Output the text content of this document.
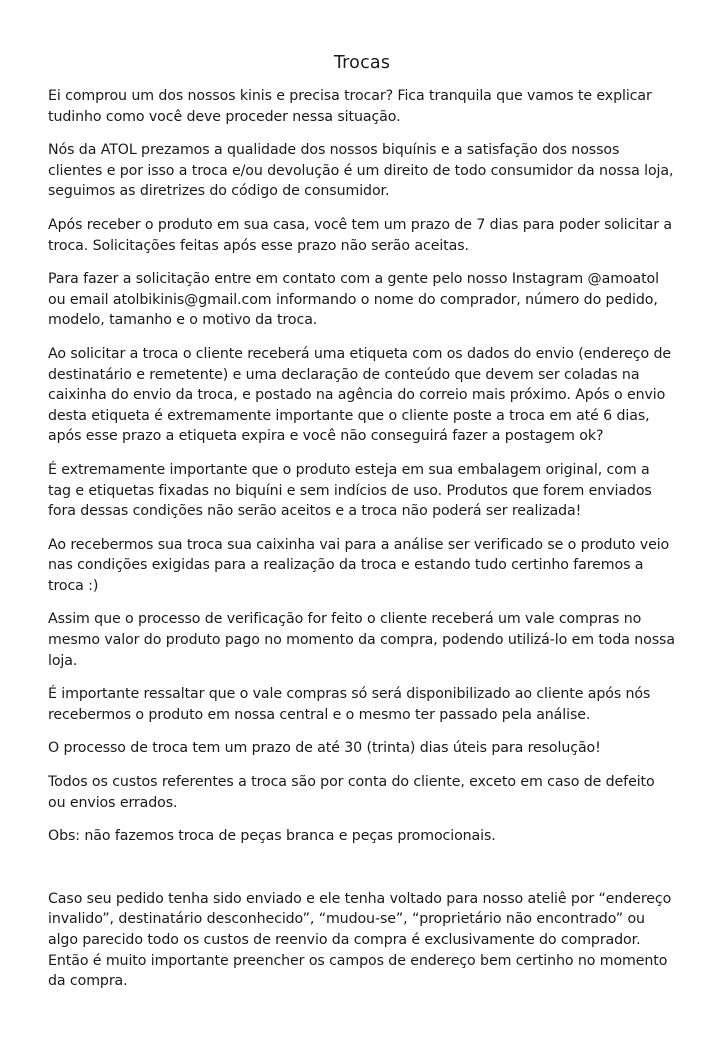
Trocas

Ei comprou um dos nossos kinis e precisa trocar? Fica tranquila que vamos te explicar tudinho como você deve proceder nessa situação.

Nós da ATOL prezamos a qualidade dos nossos biquínis e a satisfação dos nossos clientes e por isso a troca e/ou devolução é um direito de todo consumidor da nossa loja, seguimos as diretrizes do código de consumidor.

Após receber o produto em sua casa, você tem um prazo de 7 dias para poder solicitar a troca. Solicitações feitas após esse prazo não serão aceitas.

Para fazer a solicitação entre em contato com a gente pelo nosso Instagram @amoatol ou email atolbikinis@gmail.com informando o nome do comprador, número do pedido, modelo, tamanho e o motivo da troca.

Ao solicitar a troca o cliente receberá uma etiqueta com os dados do envio (endereço de destinatário e remetente) e uma declaração de conteúdo que devem ser coladas na caixinha do envio da troca, e postado na agência do correio mais próximo. Após o envio desta etiqueta é extremamente importante que o cliente poste a troca em até 6 dias, após esse prazo a etiqueta expira e você não conseguirá fazer a postagem ok?

É extremamente importante que o produto esteja em sua embalagem original, com a tag e etiquetas fixadas no biquíni e sem indícios de uso. Produtos que forem enviados fora dessas condições não serão aceitos e a troca não poderá ser realizada!

Ao recebermos sua troca sua caixinha vai para a análise ser verificado se o produto veio nas condições exigidas para a realização da troca e estando tudo certinho faremos a troca :)

Assim que o processo de verificação for feito o cliente receberá um vale compras no mesmo valor do produto pago no momento da compra, podendo utilizá-lo em toda nossa loja.

É importante ressaltar que o vale compras só será disponibilizado ao cliente após nós recebermos o produto em nossa central e o mesmo ter passado pela análise.

O processo de troca tem um prazo de até 30 (trinta) dias úteis para resolução!

Todos os custos referentes a troca são por conta do cliente, exceto em caso de defeito ou envios errados.

Obs: não fazemos troca de peças branca e peças promocionais.

Caso seu pedido tenha sido enviado e ele tenha voltado para nosso ateliê por “endereço invalido”, destinatário desconhecido”, “mudou-se”, “proprietário não encontrado” ou algo parecido todo os custos de reenvio da compra é exclusivamente do comprador. Então é muito importante preencher os campos de endereço bem certinho no momento da compra.
